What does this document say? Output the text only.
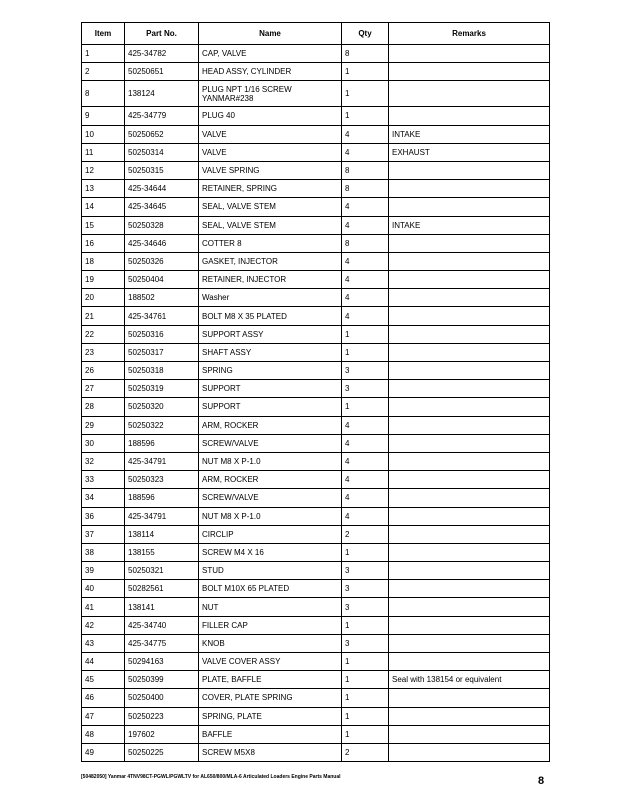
Item	Part No.	Name	Qty	Remarks
1	425-34782	CAP, VALVE	8	
2	50250651	HEAD ASSY, CYLINDER	1	
8	138124	PLUG NPT 1/16 SCREW YANMAR#238	1	
9	425-34779	PLUG 40	1	
10	50250652	VALVE	4	INTAKE
11	50250314	VALVE	4	EXHAUST
12	50250315	VALVE SPRING	8	
13	425-34644	RETAINER, SPRING	8	
14	425-34645	SEAL, VALVE STEM	4	
15	50250328	SEAL, VALVE STEM	4	INTAKE
16	425-34646	COTTER 8	8	
18	50250326	GASKET, INJECTOR	4	
19	50250404	RETAINER, INJECTOR	4	
20	188502	Washer	4	
21	425-34761	BOLT M8 X 35 PLATED	4	
22	50250316	SUPPORT ASSY	1	
23	50250317	SHAFT ASSY	1	
26	50250318	SPRING	3	
27	50250319	SUPPORT	3	
28	50250320	SUPPORT	1	
29	50250322	ARM, ROCKER	4	
30	188596	SCREW/VALVE	4	
32	425-34791	NUT M8 X P-1.0	4	
33	50250323	ARM, ROCKER	4	
34	188596	SCREW/VALVE	4	
36	425-34791	NUT M8 X P-1.0	4	
37	138114	CIRCLIP	2	
38	138155	SCREW M4 X 16	1	
39	50250321	STUD	3	
40	50282561	BOLT M10X 65 PLATED	3	
41	138141	NUT	3	
42	425-34740	FILLER CAP	1	
43	425-34775	KNOB	3	
44	50294163	VALVE COVER ASSY	1	
45	50250399	PLATE, BAFFLE	1	Seal with 138154 or equivalent
46	50250400	COVER, PLATE SPRING	1	
47	50250223	SPRING, PLATE	1	
48	197602	BAFFLE	1	
49	50250225	SCREW M5X8	2	
[50482050] Yanmar 4TNV98CT-PGWL/PGWLTV for AL650/800/MLA-6 Articulated Loaders Engine Parts Manual	8
